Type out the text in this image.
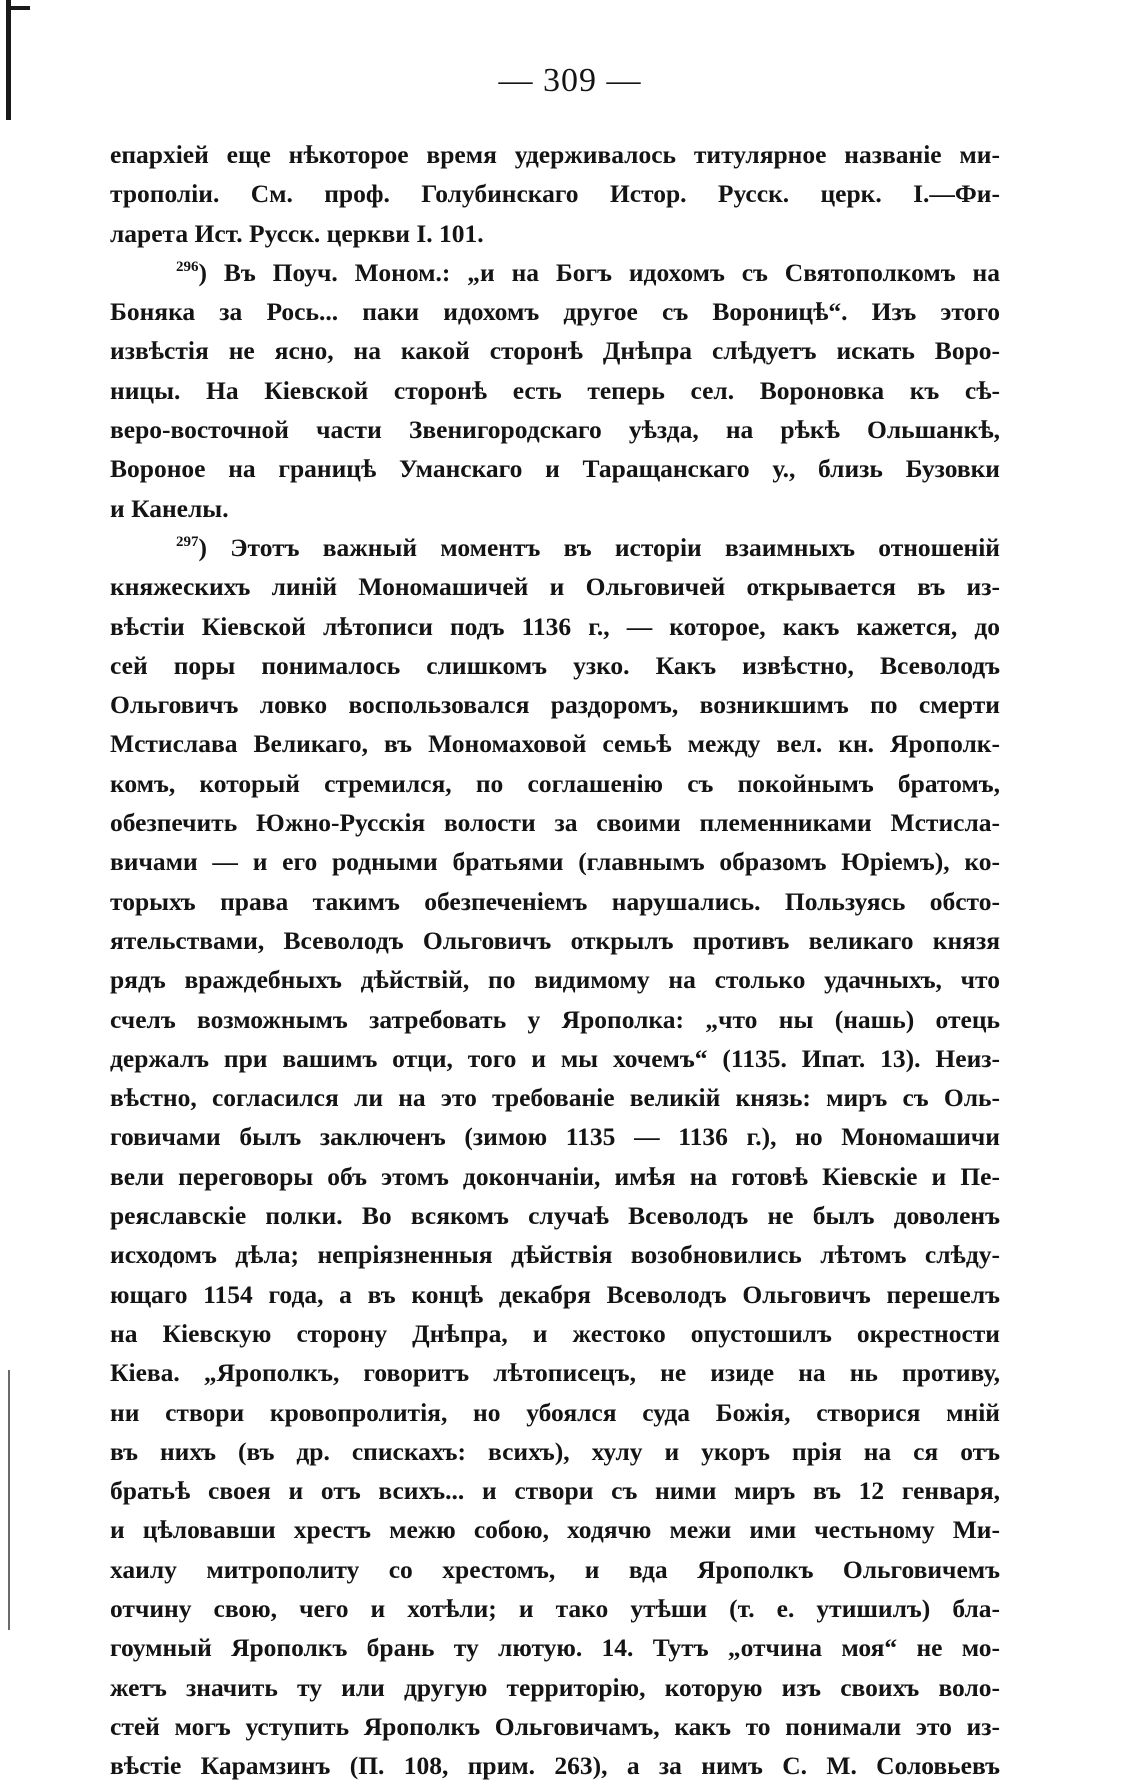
— 309 —
епархіей еще нѣкоторое время удерживалось титулярное названіе ми-
трополіи. См. проф. Голубинскаго Истор. Русск. церк. I.—Фи-
ларета Ист. Русск. церкви I. 101.
$^{296}$) Въ Поуч. Моном.: „и на Богъ идохомъ съ Святополкомъ на
Боняка за Рось... паки идохомъ другое съ Вороницѣ“. Изъ этого
извѣстія не ясно, на какой сторонѣ Днѣпра слѣдуетъ искать Воро-
ницы. На Кіевской сторонѣ есть теперь сел. Вороновка къ сѣ-
веро-восточной части Звенигородскаго уѣзда, на рѣкѣ Ольшанкѣ,
Вороное на границѣ Уманскаго и Таращанскаго у., близь Бузовки
и Канелы.
$^{297}$) Этотъ важный моментъ въ исторіи взаимныхъ отношеній
княжескихъ линій Мономашичей и Ольговичей открывается въ из-
вѣстіи Кіевской лѣтописи подъ 1136 г., — которое, какъ кажется, до
сей поры понималось слишкомъ узко. Какъ извѣстно, Всеволодъ
Ольговичъ ловко воспользовался раздоромъ, возникшимъ по смерти
Мстислава Великаго, въ Мономаховой семьѣ между вел. кн. Ярополк-
комъ, который стремился, по соглашенію съ покойнымъ братомъ,
обезпечить Южно-Русскія волости за своими племенниками Мстисла-
вичами — и его родными братьями (главнымъ образомъ Юріемъ), ко-
торыхъ права такимъ обезпеченіемъ нарушались. Пользуясь обсто-
ятельствами, Всеволодъ Ольговичъ открылъ противъ великаго князя
рядъ враждебныхъ дѣйствій, по видимому на столько удачныхъ, что
счелъ возможнымъ затребовать у Ярополка: „что ны (нашь) отець
держалъ при вашимъ отци, того и мы хочемъ“ (1135. Ипат. 13). Неиз-
вѣстно, согласился ли на это требованіе великій князь: миръ съ Оль-
говичами былъ заключенъ (зимою 1135 — 1136 г.), но Мономашичи
вели переговоры объ этомъ докончаніи, имѣя на готовѣ Кіевскіе и Пе-
реяславскіе полки. Во всякомъ случаѣ Всеволодъ не былъ доволенъ
исходомъ дѣла; непріязненныя дѣйствія возобновились лѣтомъ слѣду-
ющаго 1154 года, а въ концѣ декабря Всеволодъ Ольговичъ перешелъ
на Кіевскую сторону Днѣпра, и жестоко опустошилъ окрестности
Кіева. „Ярополкъ, говоритъ лѣтописецъ, не изиде на нь противу,
ни створи кровопролитія, но убоялся суда Божія, створися мній
въ нихъ (въ др. спискахъ: всихъ), хулу и укоръ прія на ся отъ
братьѣ своея и отъ всихъ... и створи съ ними миръ въ 12 генваря,
и цѣловавши хрестъ межю собою, ходячю межи ими честьному Ми-
хаилу митрополиту со хрестомъ, и вда Ярополкъ Ольговичемъ
отчину свою, чего и хотѣли; и тако утѣши (т. е. утишилъ) бла-
гоумный Ярополкъ брань ту лютую. 14. Тутъ „отчина моя“ не мо-
жетъ значить ту или другую территорію, которую изъ своихъ воло-
стей могъ уступить Ярополкъ Ольговичамъ, какъ то понимали это из-
вѣстіе Карамзинъ (П. 108, прим. 263), а за нимъ С. М. Соловьевъ
